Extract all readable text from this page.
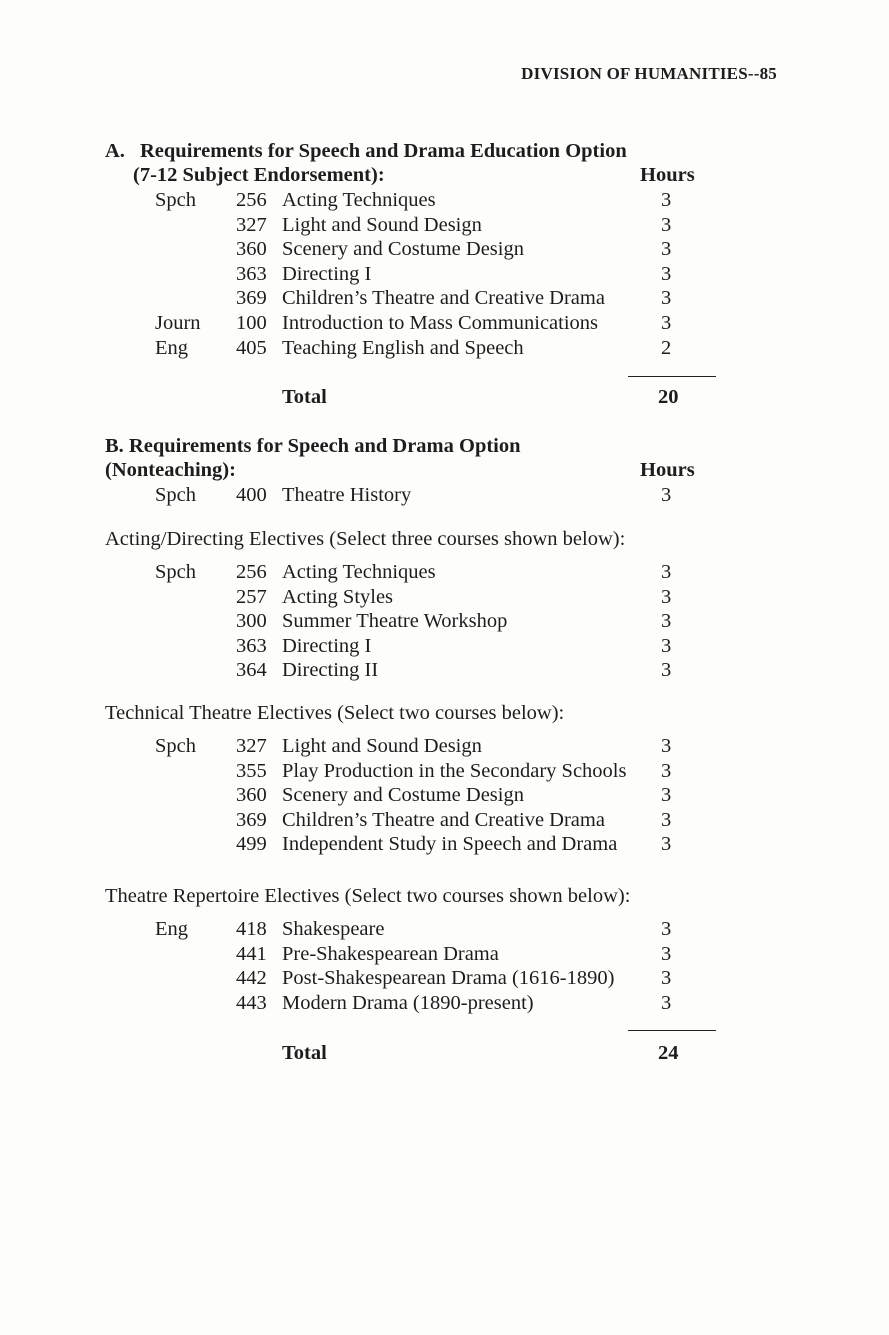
DIVISION OF HUMANITIES--85
A. Requirements for Speech and Drama Education Option
(7-12 Subject Endorsement):	Hours
Spch 256 Acting Techniques	3
327 Light and Sound Design	3
360 Scenery and Costume Design	3
363 Directing I	3
369 Children’s Theatre and Creative Drama	3
Journ 100 Introduction to Mass Communications	3
Eng 405 Teaching English and Speech	2
Total	20
B. Requirements for Speech and Drama Option
(Nonteaching):	Hours
Spch 400 Theatre History	3
Acting/Directing Electives (Select three courses shown below):
Spch 256 Acting Techniques	3
257 Acting Styles	3
300 Summer Theatre Workshop	3
363 Directing I	3
364 Directing II	3
Technical Theatre Electives (Select two courses below):
Spch 327 Light and Sound Design	3
355 Play Production in the Secondary Schools 3
360 Scenery and Costume Design	3
369 Children’s Theatre and Creative Drama	3
499 Independent Study in Speech and Drama 3
Theatre Repertoire Electives (Select two courses shown below):
Eng 418 Shakespeare	3
441 Pre-Shakespearean Drama	3
442 Post-Shakespearean Drama (1616-1890) 3
443 Modern Drama (1890-present)	3
Total	24
